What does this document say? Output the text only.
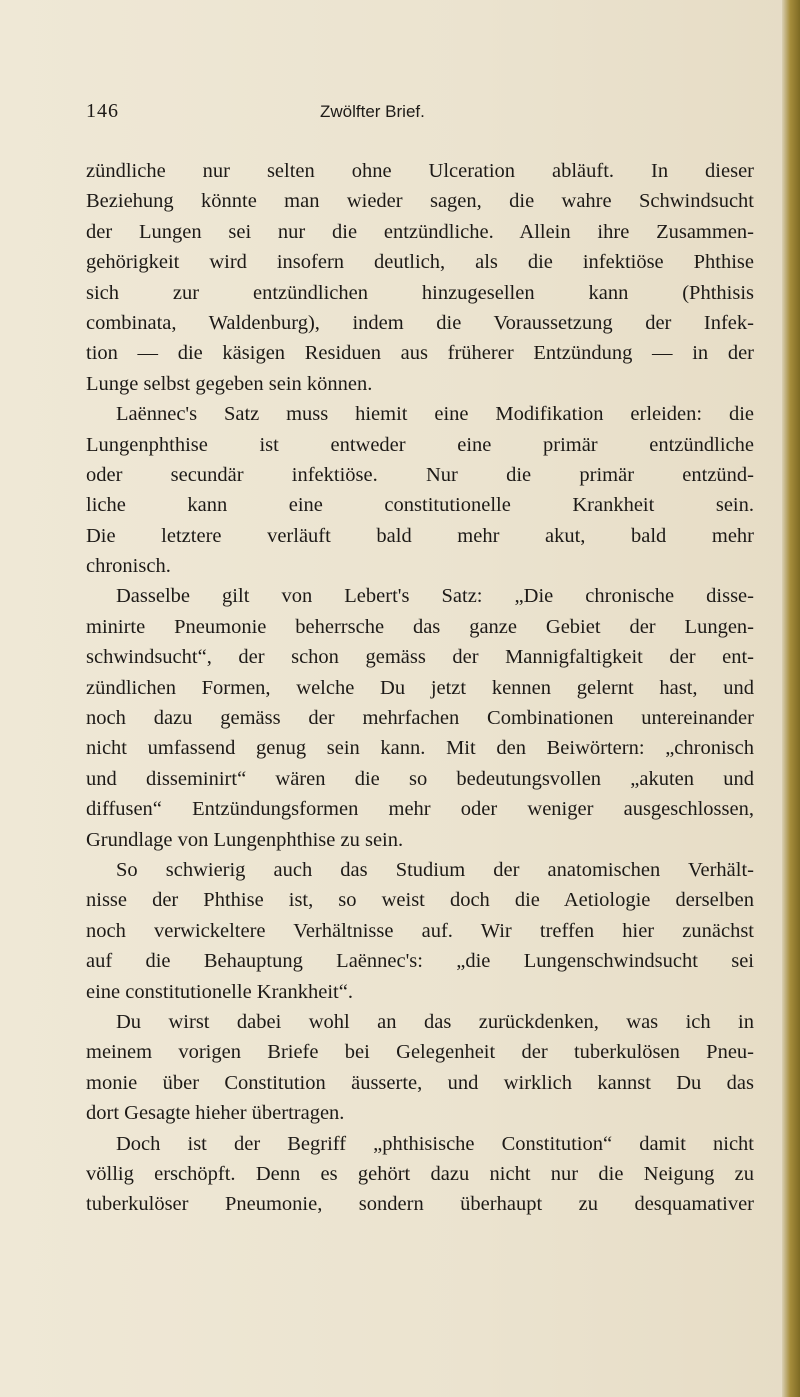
146	Zwölfter Brief.
zündliche nur selten ohne Ulceration abläuft. In dieser
Beziehung könnte man wieder sagen, die wahre Schwindsucht
der Lungen sei nur die entzündliche. Allein ihre Zusammen-
gehörigkeit wird insofern deutlich, als die infektiöse Phthise
sich zur entzündlichen hinzugesellen kann (Phthisis
combinata, Waldenburg), indem die Voraussetzung der Infek-
tion — die käsigen Residuen aus früherer Entzündung — in der
Lunge selbst gegeben sein können.
Laënnec's Satz muss hiemit eine Modifikation erleiden: die
Lungenphthise ist entweder eine primär entzündliche
oder secundär infektiöse. Nur die primär entzünd-
liche kann eine constitutionelle Krankheit sein.
Die letztere verläuft bald mehr akut, bald mehr
chronisch.
Dasselbe gilt von Lebert's Satz: „Die chronische disse-
minirte Pneumonie beherrsche das ganze Gebiet der Lungen-
schwindsucht“, der schon gemäss der Mannigfaltigkeit der ent-
zündlichen Formen, welche Du jetzt kennen gelernt hast, und
noch dazu gemäss der mehrfachen Combinationen untereinander
nicht umfassend genug sein kann. Mit den Beiwörtern: „chronisch
und disseminirt“ wären die so bedeutungsvollen „akuten und
diffusen“ Entzündungsformen mehr oder weniger ausgeschlossen,
Grundlage von Lungenphthise zu sein.
So schwierig auch das Studium der anatomischen Verhält-
nisse der Phthise ist, so weist doch die Aetiologie derselben
noch verwickeltere Verhältnisse auf. Wir treffen hier zunächst
auf die Behauptung Laënnec's: „die Lungenschwindsucht sei
eine constitutionelle Krankheit“.
Du wirst dabei wohl an das zurückdenken, was ich in
meinem vorigen Briefe bei Gelegenheit der tuberkulösen Pneu-
monie über Constitution äusserte, und wirklich kannst Du das
dort Gesagte hieher übertragen.
Doch ist der Begriff „phthisische Constitution“ damit nicht
völlig erschöpft. Denn es gehört dazu nicht nur die Neigung zu
tuberkulöser Pneumonie, sondern überhaupt zu desquamativer
